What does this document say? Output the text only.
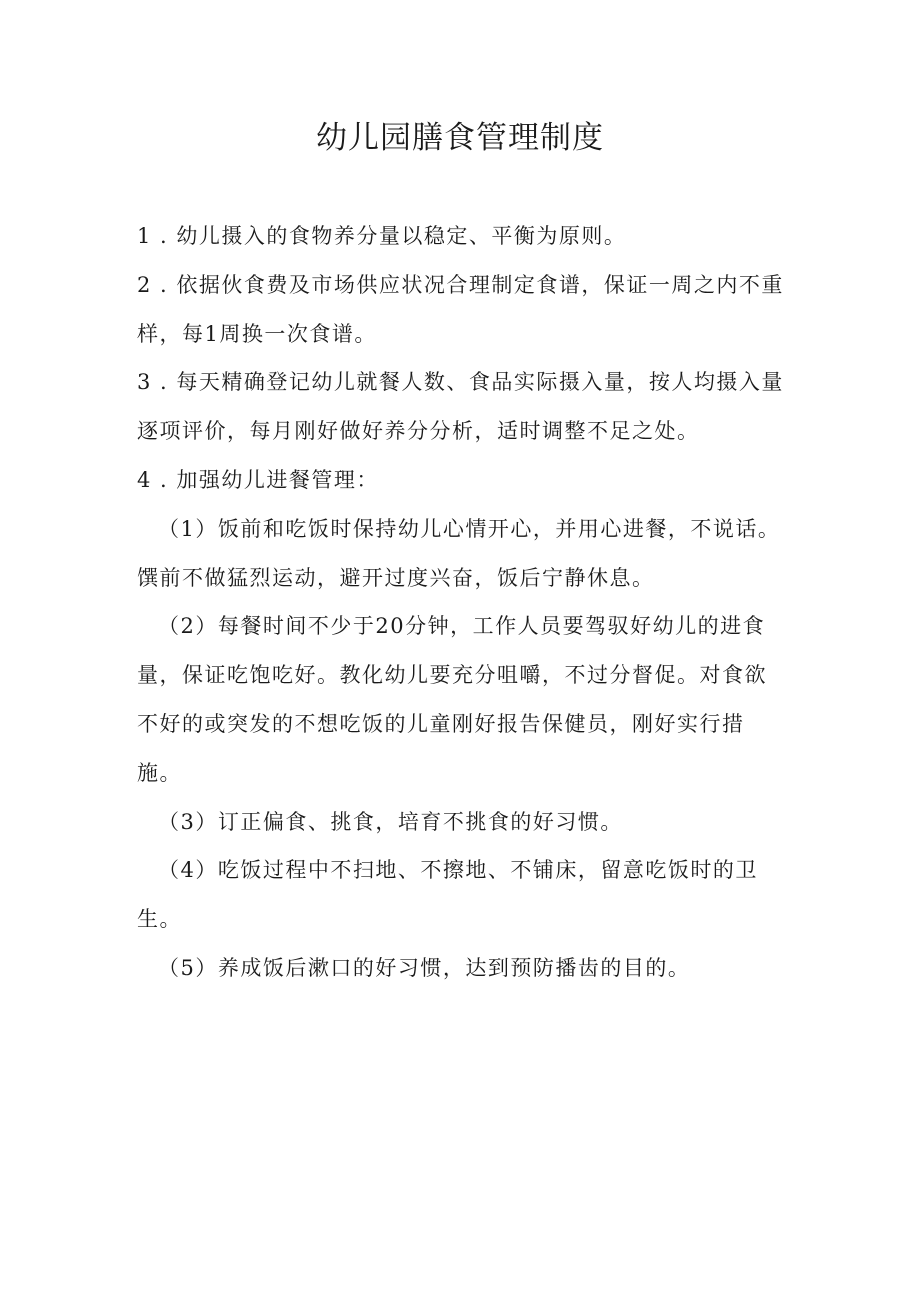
幼儿园膳食管理制度

1 . 幼儿摄入的食物养分量以稳定、平衡为原则。

2 . 依据伙食费及市场供应状况合理制定食谱，保证一周之内不重样，每1周换一次食谱。

3 . 每天精确登记幼儿就餐人数、食品实际摄入量，按人均摄入量逐项评价，每月刚好做好养分分析，适时调整不足之处。

4 . 加强幼儿进餐管理：

（1）饭前和吃饭时保持幼儿心情开心，并用心进餐，不说话。馔前不做猛烈运动，避开过度兴奋，饭后宁静休息。

（2）每餐时间不少于20分钟，工作人员要驾驭好幼儿的进食量，保证吃饱吃好。教化幼儿要充分咀嚼，不过分督促。对食欲不好的或突发的不想吃饭的儿童刚好报告保健员，刚好实行措施。

（3）订正偏食、挑食，培育不挑食的好习惯。

（4）吃饭过程中不扫地、不擦地、不铺床，留意吃饭时的卫生。

（5）养成饭后漱口的好习惯，达到预防播齿的目的。
